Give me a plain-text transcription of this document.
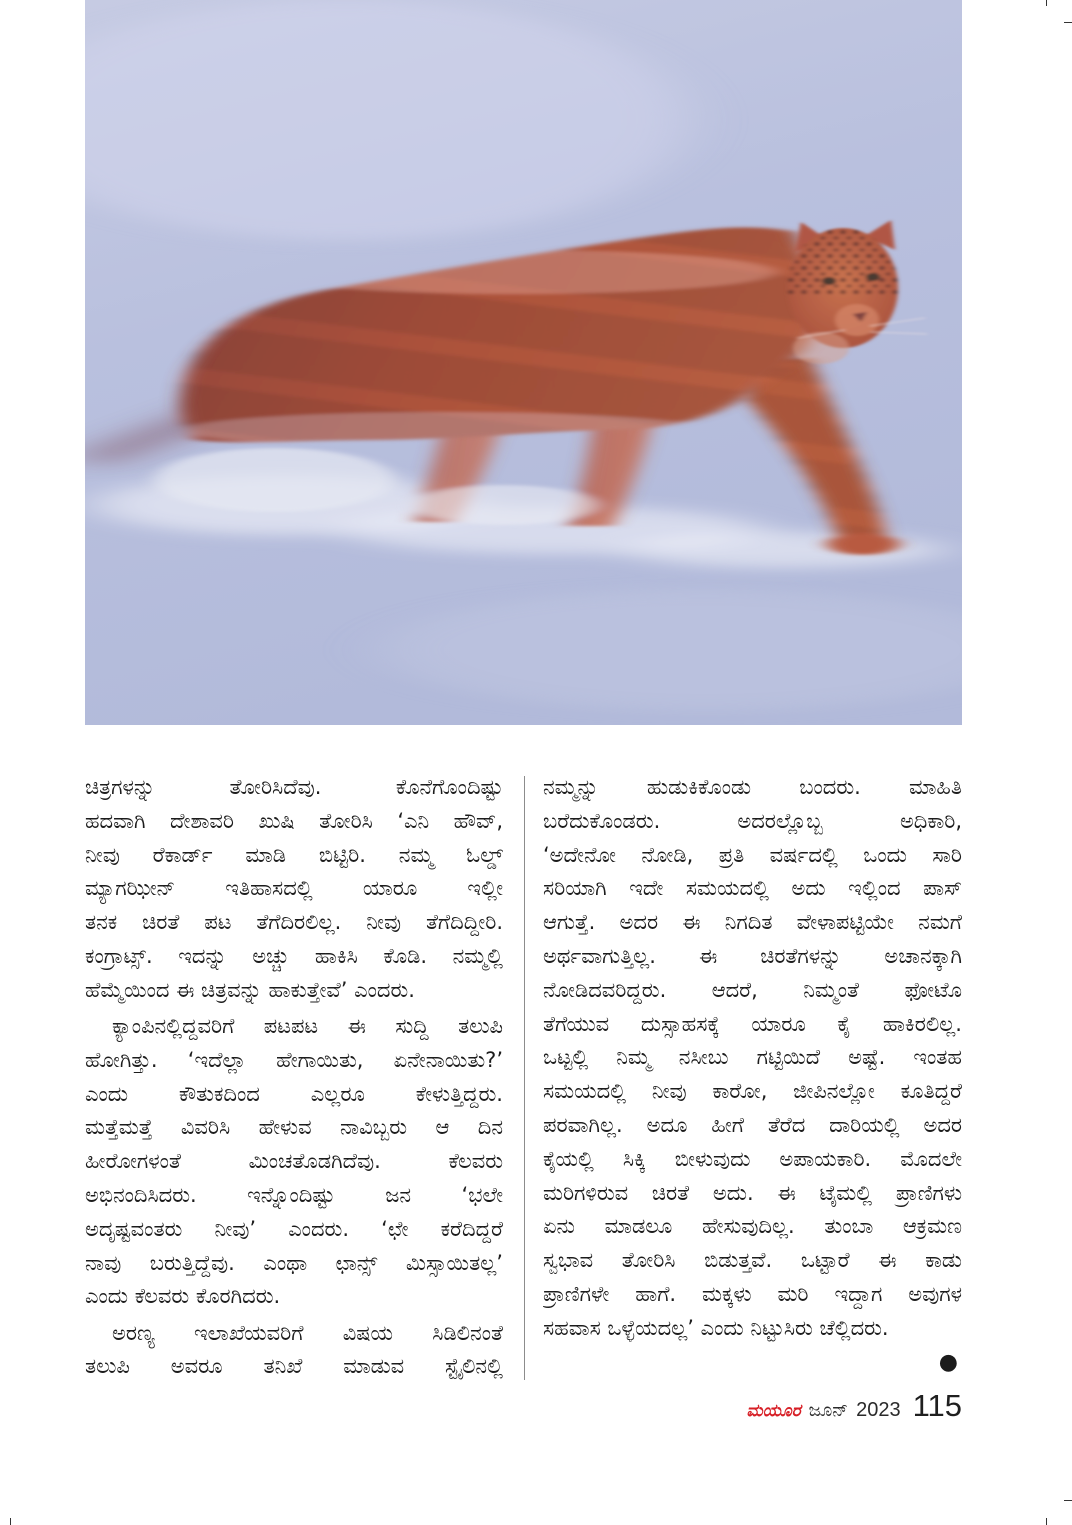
ಚಿತ್ರಗಳನ್ನು ತೋರಿಸಿದೆವು. ಕೊನೆಗೊಂದಿಷ್ಟು
ಹದವಾಗಿ ದೇಶಾವರಿ ಖುಷಿ ತೋರಿಸಿ ‘ಎನಿ ಹೌವ್,
ನೀವು ರೆಕಾರ್ಡ್ ಮಾಡಿ ಬಿಟ್ಟಿರಿ. ನಮ್ಮ ಓಲ್ಡ್
ಮ್ಯಾಗಝೀನ್ ಇತಿಹಾಸದಲ್ಲಿ ಯಾರೂ ಇಲ್ಲೀ
ತನಕ ಚಿರತೆ ಪಟ ತೆಗೆದಿರಲಿಲ್ಲ. ನೀವು ತೆಗೆದಿದ್ದೀರಿ.
ಕಂಗ್ರಾಟ್ಸ್. ಇದನ್ನು ಅಚ್ಚು ಹಾಕಿಸಿ ಕೊಡಿ. ನಮ್ಮಲ್ಲಿ
ಹೆಮ್ಮೆಯಿಂದ ಈ ಚಿತ್ರವನ್ನು ಹಾಕುತ್ತೇವೆ’ ಎಂದರು.
ಕ್ಯಾಂಪಿನಲ್ಲಿದ್ದವರಿಗೆ ಪಟಪಟ ಈ ಸುದ್ದಿ ತಲುಪಿ
ಹೋಗಿತ್ತು. ‘ಇದೆಲ್ಲಾ ಹೇಗಾಯಿತು, ಏನೇನಾಯಿತು?’
ಎಂದು ಕೌತುಕದಿಂದ ಎಲ್ಲರೂ ಕೇಳುತ್ತಿದ್ದರು.
ಮತ್ತೆಮತ್ತೆ ವಿವರಿಸಿ ಹೇಳುವ ನಾವಿಬ್ಬರು ಆ ದಿನ
ಹೀರೋಗಳಂತೆ ಮಿಂಚತೊಡಗಿದೆವು. ಕೆಲವರು
ಅಭಿನಂದಿಸಿದರು. ಇನ್ನೊಂದಿಷ್ಟು ಜನ ‘ಭಲೇ
ಅದೃಷ್ಟವಂತರು ನೀವು’ ಎಂದರು. ‘ಛೇ ಕರೆದಿದ್ದರೆ
ನಾವು ಬರುತ್ತಿದ್ದೆವು. ಎಂಥಾ ಛಾನ್ಸ್ ಮಿಸ್ಸಾಯಿತಲ್ಲ’
ಎಂದು ಕೆಲವರು ಕೊರಗಿದರು.
ಅರಣ್ಯ ಇಲಾಖೆಯವರಿಗೆ ವಿಷಯ ಸಿಡಿಲಿನಂತೆ
ತಲುಪಿ ಅವರೂ ತನಿಖೆ ಮಾಡುವ ಸ್ಟೈಲಿನಲ್ಲಿ
ನಮ್ಮನ್ನು ಹುಡುಕಿಕೊಂಡು ಬಂದರು. ಮಾಹಿತಿ
ಬರೆದುಕೊಂಡರು. ಅದರಲ್ಲೊಬ್ಬ ಅಧಿಕಾರಿ,
‘ಅದೇನೋ ನೋಡಿ, ಪ್ರತಿ ವರ್ಷದಲ್ಲಿ ಒಂದು ಸಾರಿ
ಸರಿಯಾಗಿ ಇದೇ ಸಮಯದಲ್ಲಿ ಅದು ಇಲ್ಲಿಂದ ಪಾಸ್
ಆಗುತ್ತೆ. ಅದರ ಈ ನಿಗದಿತ ವೇಳಾಪಟ್ಟಿಯೇ ನಮಗೆ
ಅರ್ಥವಾಗುತ್ತಿಲ್ಲ. ಈ ಚಿರತೆಗಳನ್ನು ಅಚಾನಕ್ಕಾಗಿ
ನೋಡಿದವರಿದ್ದರು. ಆದರೆ, ನಿಮ್ಮಂತೆ ಫೋಟೊ
ತೆಗೆಯುವ ದುಸ್ಸಾಹಸಕ್ಕೆ ಯಾರೂ ಕೈ ಹಾಕಿರಲಿಲ್ಲ.
ಒಟ್ಟಲ್ಲಿ ನಿಮ್ಮ ನಸೀಬು ಗಟ್ಟಿಯಿದೆ ಅಷ್ಟೆ. ಇಂತಹ
ಸಮಯದಲ್ಲಿ ನೀವು ಕಾರೋ, ಜೀಪಿನಲ್ಲೋ ಕೂತಿದ್ದರೆ
ಪರವಾಗಿಲ್ಲ. ಅದೂ ಹೀಗೆ ತೆರೆದ ದಾರಿಯಲ್ಲಿ ಅದರ
ಕೈಯಲ್ಲಿ ಸಿಕ್ಕಿ ಬೀಳುವುದು ಅಪಾಯಕಾರಿ. ಮೊದಲೇ
ಮರಿಗಳಿರುವ ಚಿರತೆ ಅದು. ಈ ಟೈಮಲ್ಲಿ ಪ್ರಾಣಿಗಳು
ಏನು ಮಾಡಲೂ ಹೇಸುವುದಿಲ್ಲ. ತುಂಬಾ ಆಕ್ರಮಣ
ಸ್ವಭಾವ ತೋರಿಸಿ ಬಿಡುತ್ತವೆ. ಒಟ್ಟಾರೆ ಈ ಕಾಡು
ಪ್ರಾಣಿಗಳೇ ಹಾಗೆ. ಮಕ್ಕಳು ಮರಿ ಇದ್ದಾಗ ಅವುಗಳ
ಸಹವಾಸ ಒಳ್ಳೆಯದಲ್ಲ’ ಎಂದು ನಿಟ್ಟುಸಿರು ಚೆಲ್ಲಿದರು.
●
ಮಯೂರ ಜೂನ್ 2023 115
